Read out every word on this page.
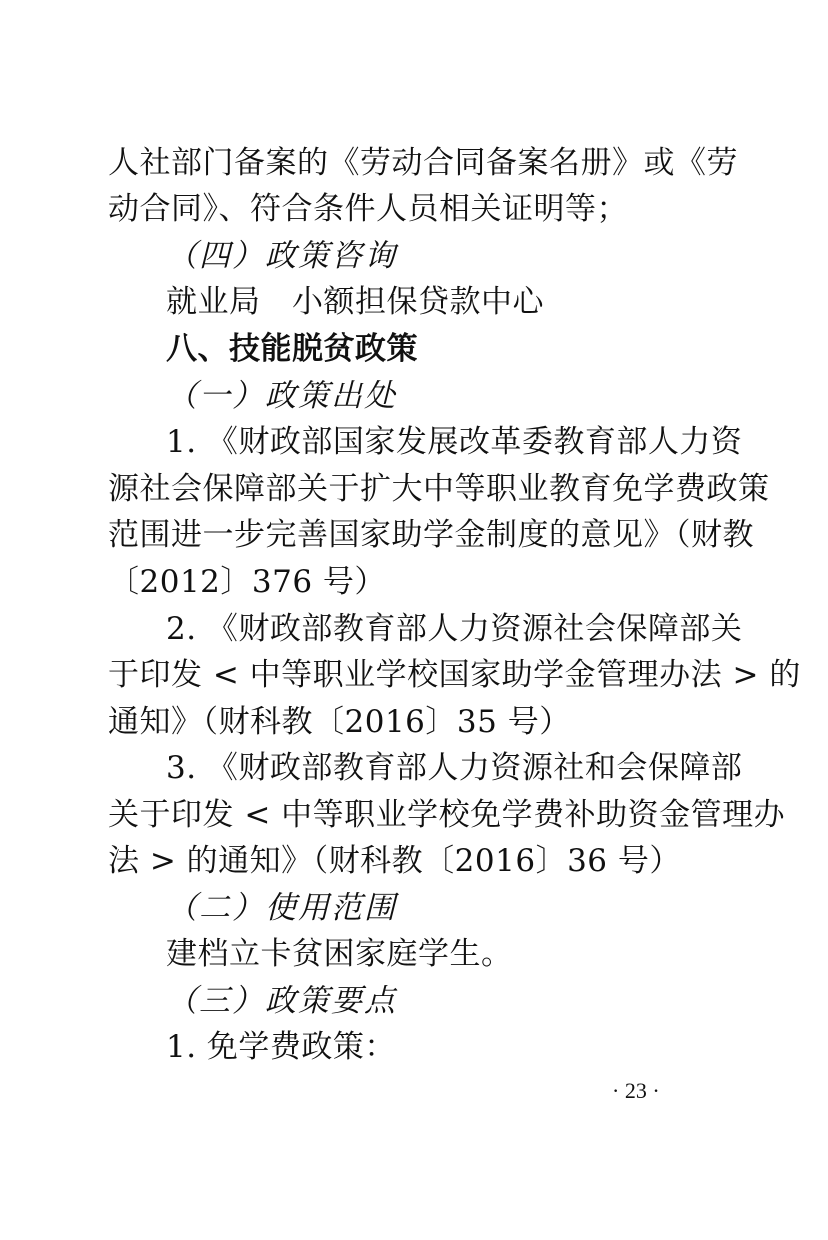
人社部门备案的《劳动合同备案名册》或《劳
动合同》、符合条件人员相关证明等；
（四）政策咨询
就业局　小额担保贷款中心
八、技能脱贫政策
（一）政策出处
1. 《财政部国家发展改革委教育部人力资
源社会保障部关于扩大中等职业教育免学费政策
范围进一步完善国家助学金制度的意见》（财教
〔2012〕376 号）
2. 《财政部教育部人力资源社会保障部关
于印发 < 中等职业学校国家助学金管理办法 > 的
通知》（财科教〔2016〕35 号）
3. 《财政部教育部人力资源社和会保障部
关于印发 < 中等职业学校免学费补助资金管理办
法 > 的通知》（财科教〔2016〕36 号）
（二）使用范围
建档立卡贫困家庭学生。
（三）政策要点
1. 免学费政策：
· 23 ·
